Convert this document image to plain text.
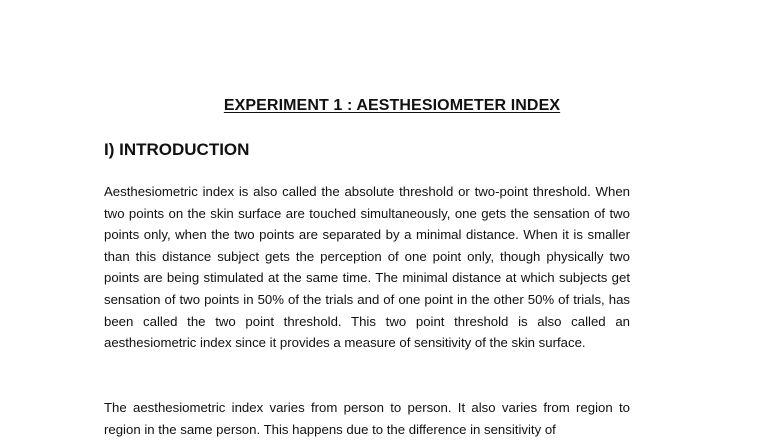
EXPERIMENT 1 : AESTHESIOMETER INDEX
I) INTRODUCTION

Aesthesiometric index is also called the absolute threshold or two-point threshold. When two points on the skin surface are touched simultaneously, one gets the sensation of two points only, when the two points are separated by a minimal distance. When it is smaller than this distance subject gets the perception of one point only, though physically two points are being stimulated at the same time. The minimal distance at which subjects get sensation of two points in 50% of the trials and of one point in the other 50% of trials, has been called the two point threshold. This two point threshold is also called an aesthesiometric index since it provides a measure of sensitivity of the skin surface.

The aesthesiometric index varies from person to person. It also varies from region to region in the same person. This happens due to the difference in sensitivity of
